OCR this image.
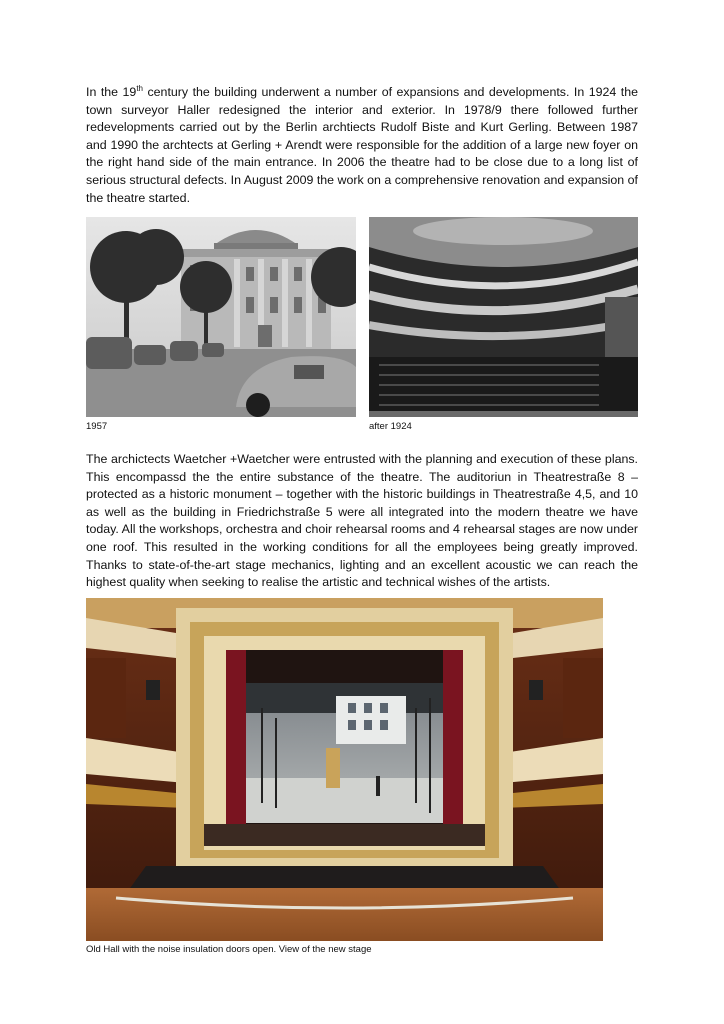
In the 19th century the building underwent a number of expansions and developments. In 1924 the town surveyor Haller redesigned the interior and exterior. In 1978/9 there followed further redevelopments carried out by the Berlin archtiects Rudolf Biste and Kurt Gerling. Between 1987 and 1990 the archtects at Gerling + Arendt were responsible for the addition of a large new foyer on the right hand side of the main entrance. In 2006 the theatre had to be close due to a long list of serious structural defects. In August 2009 the work on a comprehensive renovation and expansion of the theatre started.

1957	after 1924

The archictects Waetcher +Waetcher were entrusted with the planning and execution of these plans. This encompassd the the entire substance of the theatre. The auditoriun in Theatrestraße 8 – protected as a historic monument – together with the historic buildings in Theatrestraße 4,5, and 10 as well as the building in Friedrichstraße 5 were all integrated into the modern theatre we have today. All the workshops, orchestra and choir rehearsal rooms and 4 rehearsal stages are now under one roof. This resulted in the working conditions for all the employees being greatly improved. Thanks to state-of-the-art stage mechanics, lighting and an excellent acoustic we can reach the highest quality when seeking to realise the artistic and technical wishes of the artists.

Old Hall with the noise insulation doors open. View of the new stage
